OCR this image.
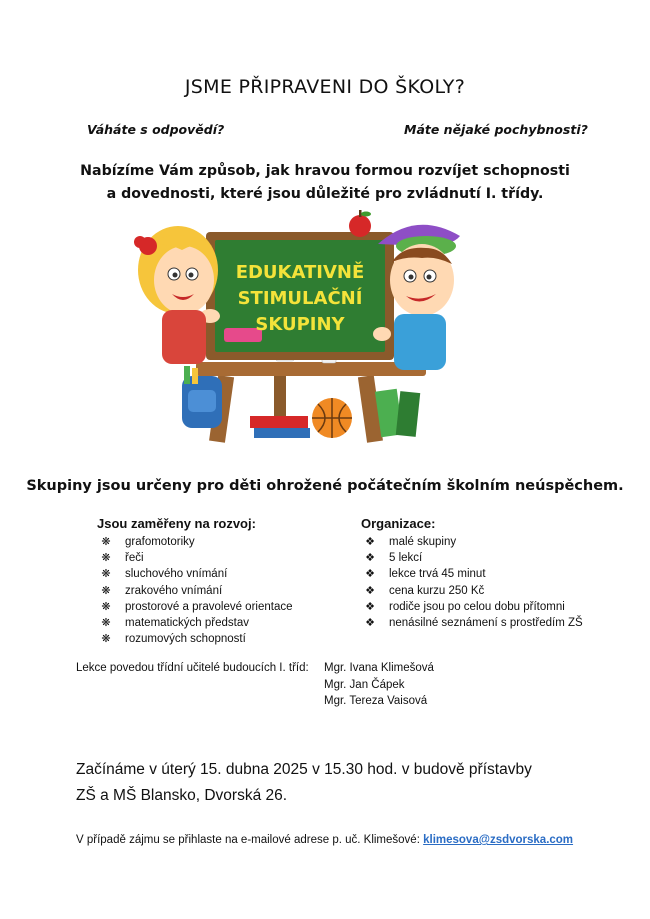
JSME PŘIPRAVENI DO ŠKOLY?
Váháte s odpovědí?	Máte nějaké pochybnosti?
Nabízíme Vám způsob, jak hravou formou rozvíjet schopnosti
a dovednosti, které jsou důležité pro zvládnutí I. třídy.
EDUKATIVNĚ
STIMULAČNÍ
SKUPINY
Skupiny jsou určeny pro děti ohrožené počátečním školním neúspěchem.
Jsou zaměřeny na rozvoj:
❋	grafomotoriky
❋	řeči
❋	sluchového vnímání
❋	zrakového vnímání
❋	prostorové a pravolevé orientace
❋	matematických představ
❋	rozumových schopností
Organizace:
❖	malé skupiny
❖	5 lekcí
❖	lekce trvá 45 minut
❖	cena kurzu 250 Kč
❖	rodiče jsou po celou dobu přítomni
❖	nenásilné seznámení s prostředím ZŠ
Lekce povedou třídní učitelé budoucích I. tříd: Mgr. Ivana Klimešová
Mgr. Jan Čápek
Mgr. Tereza Vaisová
Začínáme v úterý 15. dubna 2025 v 15.30 hod. v budově přístavby
ZŠ a MŠ Blansko, Dvorská 26.
V případě zájmu se přihlaste na e-mailové adrese p. uč. Klimešové: klimesova@zsdvorska.com
